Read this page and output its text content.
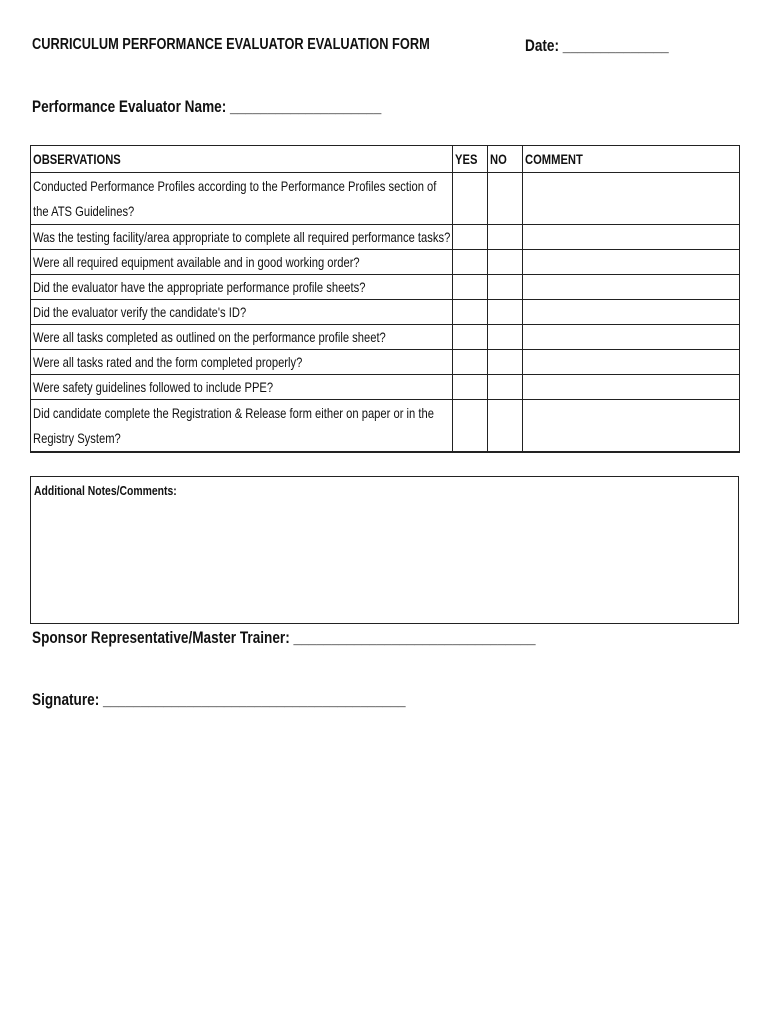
CURRICULUM PERFORMANCE EVALUATOR EVALUATION FORM	Date: ______________
Performance Evaluator Name: ____________________
OBSERVATIONS	YES	NO	COMMENT

Conducted Performance Profiles according to the Performance Profiles section of the ATS Guidelines?			

Was the testing facility/area appropriate to complete all required performance tasks?			

Were all required equipment available and in good working order?			

Did the evaluator have the appropriate performance profile sheets?			

Did the evaluator verify the candidate's ID?			

Were all tasks completed as outlined on the performance profile sheet?			

Were all tasks rated and the form completed properly?			

Were safety guidelines followed to include PPE?			

Did candidate complete the Registration & Release form either on paper or in the Registry System?			

Additional Notes/Comments:
Sponsor Representative/Master Trainer: ________________________________
Signature: ________________________________________
